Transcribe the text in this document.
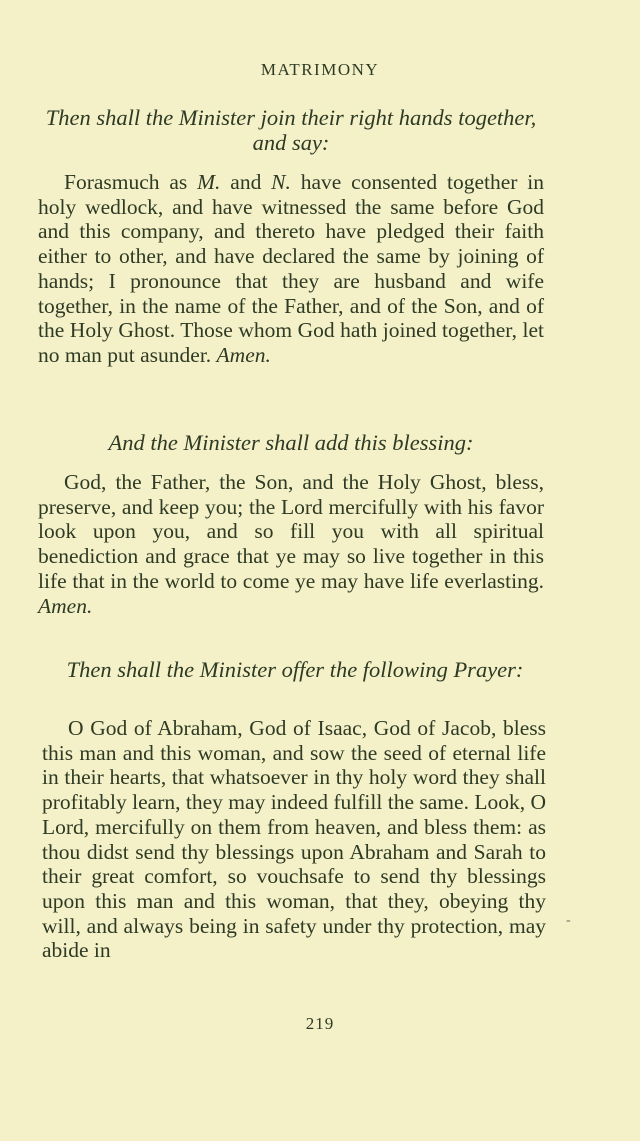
MATRIMONY
Then shall the Minister join their right hands together, and say:

Forasmuch as M. and N. have consented together in holy wedlock, and have witnessed the same before God and this company, and thereto have pledged their faith either to other, and have declared the same by joining of hands; I pronounce that they are husband and wife together, in the name of the Father, and of the Son, and of the Holy Ghost. Those whom God hath joined together, let no man put asunder. Amen.

And the Minister shall add this blessing:

God, the Father, the Son, and the Holy Ghost, bless, preserve, and keep you; the Lord mercifully with his favor look upon you, and so fill you with all spiritual benediction and grace that ye may so live together in this life that in the world to come ye may have life everlasting. Amen.

Then shall the Minister offer the following Prayer:

O God of Abraham, God of Isaac, God of Jacob, bless this man and this woman, and sow the seed of eternal life in their hearts, that whatsoever in thy holy word they shall profitably learn, they may indeed fulfill the same. Look, O Lord, mercifully on them from heaven, and bless them: as thou didst send thy blessings upon Abraham and Sarah to their great comfort, so vouchsafe to send thy blessings upon this man and this woman, that they, obeying thy will, and always being in safety under thy protection, may abide in

-
219
